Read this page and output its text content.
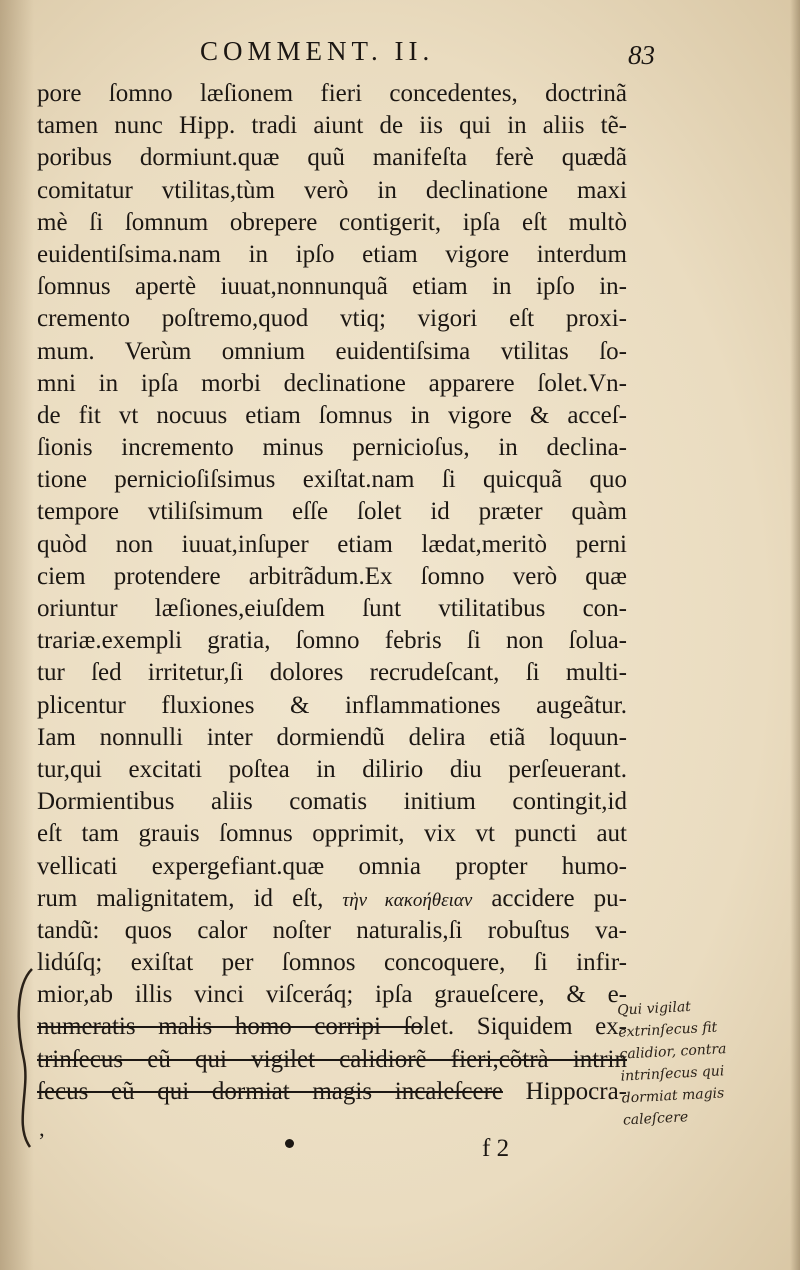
COMMENT. II.	83
pore ſomno læſionem fieri concedentes, doctrinã
tamen nunc Hipp. tradi aiunt de iis qui in aliis tẽ-
poribus dormiunt.quæ quũ manifeſta ferè quædã
comitatur vtilitas,tùm verò in declinatione maxi
mè ſi ſomnum obrepere contigerit, ipſa eſt multò
euidentiſsima.nam in ipſo etiam vigore interdum
ſomnus apertè iuuat,nonnunquã etiam in ipſo in-
cremento poſtremo,quod vtiq; vigori eſt proxi-
mum. Verùm omnium euidentiſsima vtilitas ſo-
mni in ipſa morbi declinatione apparere ſolet.Vn-
de fit vt nocuus etiam ſomnus in vigore & acceſ-
ſionis incremento minus pernicioſus, in declina-
tione pernicioſiſsimus exiſtat.nam ſi quicquã quo
tempore vtiliſsimum eſſe ſolet id præter quàm
quòd non iuuat,inſuper etiam lædat,meritò perni
ciem protendere arbitrãdum.Ex ſomno verò quæ
oriuntur læſiones,eiuſdem ſunt vtilitatibus con-
trariæ.exempli gratia, ſomno febris ſi non ſolua-
tur ſed irritetur,ſi dolores recrudeſcant, ſi multi-
plicentur fluxiones & inflammationes augeãtur.
Iam nonnulli inter dormiendũ delira etiã loquun-
tur,qui excitati poſtea in dilirio diu perſeuerant.
Dormientibus aliis comatis initium contingit,id
eſt tam grauis ſomnus opprimit, vix vt puncti aut
vellicati expergefiant.quæ omnia propter humo-
rum malignitatem, id eſt, τὴν κακοήθειαν accidere pu-
tandũ: quos calor noſter naturalis,ſi robuſtus va-
lidúſq; exiſtat per ſomnos concoquere, ſi infir-
mior,ab illis vinci viſceráq; ipſa graueſcere, & e-
numeratis malis homo corripi ſolet. Siquidem ex-
trinſecus eũ qui vigilet calidiorẽ fieri,cõtrà intrin
ſecus eũ qui dormiat magis incaleſcere Hippocra-
Qui vigilat
extrinſecus fit
calidior, contra
intrinſecus qui
dormiat magis
caleſcere
’	f 2
